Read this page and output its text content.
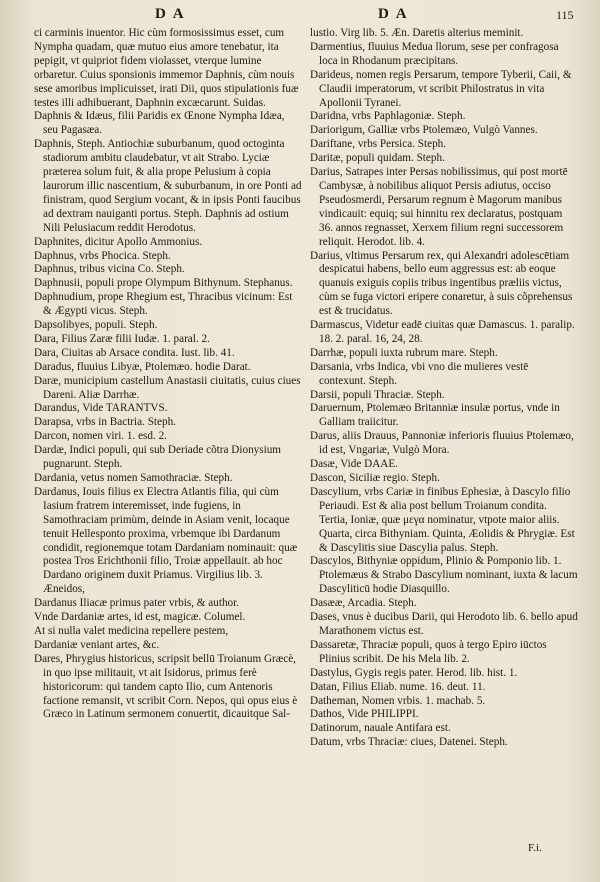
D A	D A	115

ci carminis inuentor. Hic cùm formosissimus esset, cum Nympha quadam, quæ mutuo eius amore tenebatur, ita pepigit, vt quipriot fidem violasset, vterque lumine orbaretur. Cuius sponsionis immemor Daphnis, cùm nouis sese amoribus implicuisset, irati Dii, quos stipulationis fuæ testes illi adhibuerant, Daphnin excæcarunt. Suidas.

Daphnis & Idæus, filii Paridis ex Œnone Nympha Idæa, seu Pagasæa.

Daphnis, Steph. Antiochiæ suburbanum, quod octoginta stadiorum ambitu claudebatur, vt ait Strabo. Lyciæ præterea solum fuit, & alia prope Pelusium à copia laurorum illic nascentium, & suburbanum, in ore Ponti ad finistram, quod Sergium vocant, & in ipsis Ponti faucibus ad dextram nauiganti portus. Steph. Daphnis ad ostium Nili Pelusiacum reddit Herodotus.

Daphnites, dicitur Apollo Ammonius.

Daphnus, vrbs Phocica. Steph.

Daphnus, tribus vicina Co. Steph.

Daphnusii, populi prope Olympum Bithynum. Stephanus.

Daphnudium, prope Rhegium est, Thracibus vicinum: Est & Ægypti vicus. Steph.

Dapsolibyes, populi. Steph.

Dara, Filius Zaræ filii Iudæ. 1. paral. 2.

Dara, Ciuitas ab Arsace condita. Iust. lib. 41.

Daradus, fluuius Libyæ, Ptolemæo. hodie Darat.

Daræ, municipium castellum Anastasii ciuitatis, cuius ciues Dareni. Aliæ Darrhæ.

Darandus, Vide TARANTVS.

Darapsa, vrbs in Bactria. Steph.

Darcon, nomen viri. 1. esd. 2.

Dardæ, Indici populi, qui sub Deriade cõtra Dionysium pugnarunt. Steph.

Dardania, vetus nomen Samothraciæ. Steph.

Dardanus, Iouis filius ex Electra Atlantis filia, qui cùm Iasium fratrem interemisset, inde fugiens, in Samothraciam primùm, deinde in Asiam venit, locaque tenuit Hellesponto proxima, vrbemque ibi Dardanum condidit, regionemque totam Dardaniam nominauit: quæ postea Tros Erichthonii filio, Troiæ appellauit. ab hoc Dardano originem duxit Priamus. Virgilius lib. 3. Æneidos,

Dardanus Iliacæ primus pater vrbis, & author.

Vnde Dardaniæ artes, id est, magicæ. Columel.

At si nulla valet medicina repellere pestem,

Dardaniæ veniant artes, &c.

Dares, Phrygius historicus, scripsit bellū Troianum Græcè, in quo ipse militauit, vt ait Isidorus, primus ferè historicorum: qui tandem capto Ilio, cum Antenoris factione remansit, vt scribit Corn. Nepos, qui opus eius è Græco in Latinum sermonem conuertit, dicauitque Sal-

lustio. Virg lib. 5. Æn. Daretis alterius meminit.

Darmentius, fluuius Medua llorum, sese per confragosa loca in Rhodanum præcipitans.

Darideus, nomen regis Persarum, tempore Tyberii, Caii, & Claudii imperatorum, vt scribit Philostratus in vita Apollonii Tyranei.

Daridna, vrbs Paphlagoniæ. Steph.

Dariorigum, Galliæ vrbs Ptolemæo, Vulgò Vannes.

Dariftane, vrbs Persica. Steph.

Daritæ, populi quidam. Steph.

Darius, Satrapes inter Persas nobilissimus, qui post mortē Cambysæ, à nobilibus aliquot Persis adiutus, occiso Pseudosmerdi, Persarum regnum è Magorum manibus vindicauit: equiq; sui hinnitu rex declaratus, postquam 36. annos regnasset, Xerxem filium regni successorem reliquit. Herodot. lib. 4.

Darius, vltimus Persarum rex, qui Alexandri adolescētiam despicatui habens, bello eum aggressus est: ab eoque quanuis exiguis copiis tribus ingentibus præliis victus, cùm se fuga victori eripere conaretur, à suis cõprehensus est & trucidatus.

Darmascus, Videtur eadē ciuitas quæ Damascus. 1. paralip. 18. 2. paral. 16, 24, 28.

Darrhæ, populi iuxta rubrum mare. Steph.

Darsania, vrbs Indica, vbi vno die mulieres vestē contexunt. Steph.

Darsii, populi Thraciæ. Steph.

Daruernum, Ptolemæo Britanniæ insulæ portus, vnde in Galliam traiicitur.

Darus, aliis Drauus, Pannoniæ inferioris fluuius Ptolemæo, id est, Vngariæ, Vulgò Mora.

Dasæ, Vide DAAE.

Dascon, Siciliæ regio. Steph.

Dascylium, vrbs Cariæ in finibus Ephesiæ, à Dascylo filio Periaudi. Est & alia post bellum Troianum condita. Tertia, Ioniæ, quæ μεγα nominatur, vtpote maior aliis. Quarta, circa Bithyniam. Quinta, Æolidis & Phrygiæ. Est & Dascylitis siue Dascylia palus. Steph.

Dascylos, Bithyniæ oppidum, Plinio & Pomponio lib. 1. Ptolemæus & Strabo Dascylium nominant, iuxta & lacum Dascyliticū hodie Diasquillo.

Dasææ, Arcadia. Steph.

Dases, vnus è ducibus Darii, qui Herodoto lib. 6. bello apud Marathonem victus est.

Dassaretæ, Thraciæ populi, quos à tergo Epiro iūctos Plinius scribit. De his Mela lib. 2.

Dastylus, Gygis regis pater. Herod. lib. hist. 1.

Datan, Filius Eliab. nume. 16. deut. 11.

Datheman, Nomen vrbis. 1. machab. 5.

Dathos, Vide PHILIPPI.

Datinorum, nauale Antifara est.

Datum, vrbs Thraciæ: ciues, Datenei. Steph.

F.i.
